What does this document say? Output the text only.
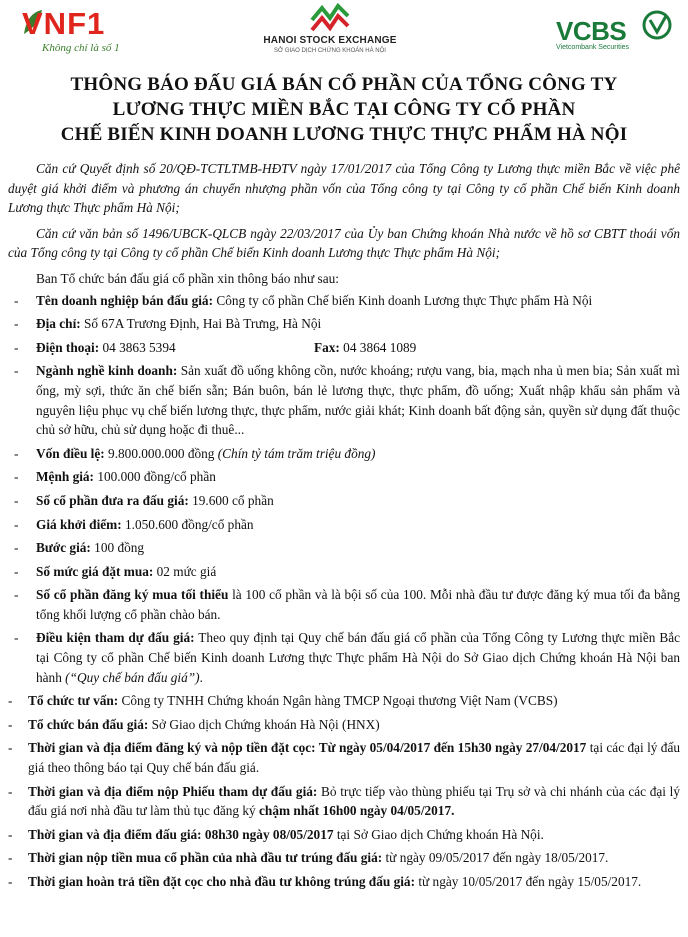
VNF1
Không chỉ là số 1
HANOI STOCK EXCHANGE
SỞ GIAO DỊCH CHỨNG KHOÁN HÀ NỘI
VCBS
Vietcombank Securities
THÔNG BÁO ĐẤU GIÁ BÁN CỔ PHẦN CỦA TỔNG CÔNG TY
LƯƠNG THỰC MIỀN BẮC TẠI CÔNG TY CỔ PHẦN
CHẾ BIẾN KINH DOANH LƯƠNG THỰC THỰC PHẨM HÀ NỘI

Căn cứ Quyết định số 20/QĐ-TCTLTMB-HĐTV ngày 17/01/2017 của Tổng Công ty Lương thực miền Bắc về việc phê duyệt giá khởi điểm và phương án chuyển nhượng phần vốn của Tổng công ty tại Công ty cổ phần Chế biến Kinh doanh Lương thực Thực phẩm Hà Nội;

Căn cứ văn bản số 1496/UBCK-QLCB ngày 22/03/2017 của Ủy ban Chứng khoán Nhà nước về hồ sơ CBTT thoái vốn của Tổng công ty tại Công ty cổ phần Chế biến Kinh doanh Lương thực Thực phẩm Hà Nội;

Ban Tổ chức bán đấu giá cổ phần xin thông báo như sau:
- Tên doanh nghiệp bán đấu giá: Công ty cổ phần Chế biến Kinh doanh Lương thực Thực phẩm Hà Nội
- Địa chỉ: Số 67A Trương Định, Hai Bà Trưng, Hà Nội
- Điện thoại: 04 3863 5394	Fax: 04 3864 1089
- Ngành nghề kinh doanh: Sản xuất đồ uống không cồn, nước khoáng; rượu vang, bia, mạch nha ủ men bia; Sản xuất mì ống, mỳ sợi, thức ăn chế biến sẵn; Bán buôn, bán lẻ lương thực, thực phẩm, đồ uống; Xuất nhập khẩu sản phẩm và nguyên liệu phục vụ chế biến lương thực, thực phẩm, nước giải khát; Kinh doanh bất động sản, quyền sử dụng đất thuộc chủ sở hữu, chủ sử dụng hoặc đi thuê...
- Vốn điều lệ: 9.800.000.000 đồng (Chín tỷ tám trăm triệu đồng)
- Mệnh giá: 100.000 đồng/cổ phần
- Số cổ phần đưa ra đấu giá: 19.600 cổ phần
- Giá khởi điểm: 1.050.600 đồng/cổ phần
- Bước giá: 100 đồng
- Số mức giá đặt mua: 02 mức giá
- Số cổ phần đăng ký mua tối thiểu là 100 cổ phần và là bội số của 100. Mỗi nhà đầu tư được đăng ký mua tối đa bằng tổng khối lượng cổ phần chào bán.
- Điều kiện tham dự đấu giá: Theo quy định tại Quy chế bán đấu giá cổ phần của Tổng Công ty Lương thực miền Bắc tại Công ty cổ phần Chế biến Kinh doanh Lương thực Thực phẩm Hà Nội do Sở Giao dịch Chứng khoán Hà Nội ban hành (“Quy chế bán đấu giá”).
- Tổ chức tư vấn: Công ty TNHH Chứng khoán Ngân hàng TMCP Ngoại thương Việt Nam (VCBS)
- Tổ chức bán đấu giá: Sở Giao dịch Chứng khoán Hà Nội (HNX)
- Thời gian và địa điểm đăng ký và nộp tiền đặt cọc: Từ ngày 05/04/2017 đến 15h30 ngày 27/04/2017 tại các đại lý đấu giá theo thông báo tại Quy chế bán đấu giá.
- Thời gian và địa điểm nộp Phiếu tham dự đấu giá: Bỏ trực tiếp vào thùng phiếu tại Trụ sở và chi nhánh của các đại lý đấu giá nơi nhà đầu tư làm thủ tục đăng ký chậm nhất 16h00 ngày 04/05/2017.
- Thời gian và địa điểm đấu giá: 08h30 ngày 08/05/2017 tại Sở Giao dịch Chứng khoán Hà Nội.
- Thời gian nộp tiền mua cổ phần của nhà đầu tư trúng đấu giá: từ ngày 09/05/2017 đến ngày 18/05/2017.
- Thời gian hoàn trả tiền đặt cọc cho nhà đầu tư không trúng đấu giá: từ ngày 10/05/2017 đến ngày 15/05/2017.
